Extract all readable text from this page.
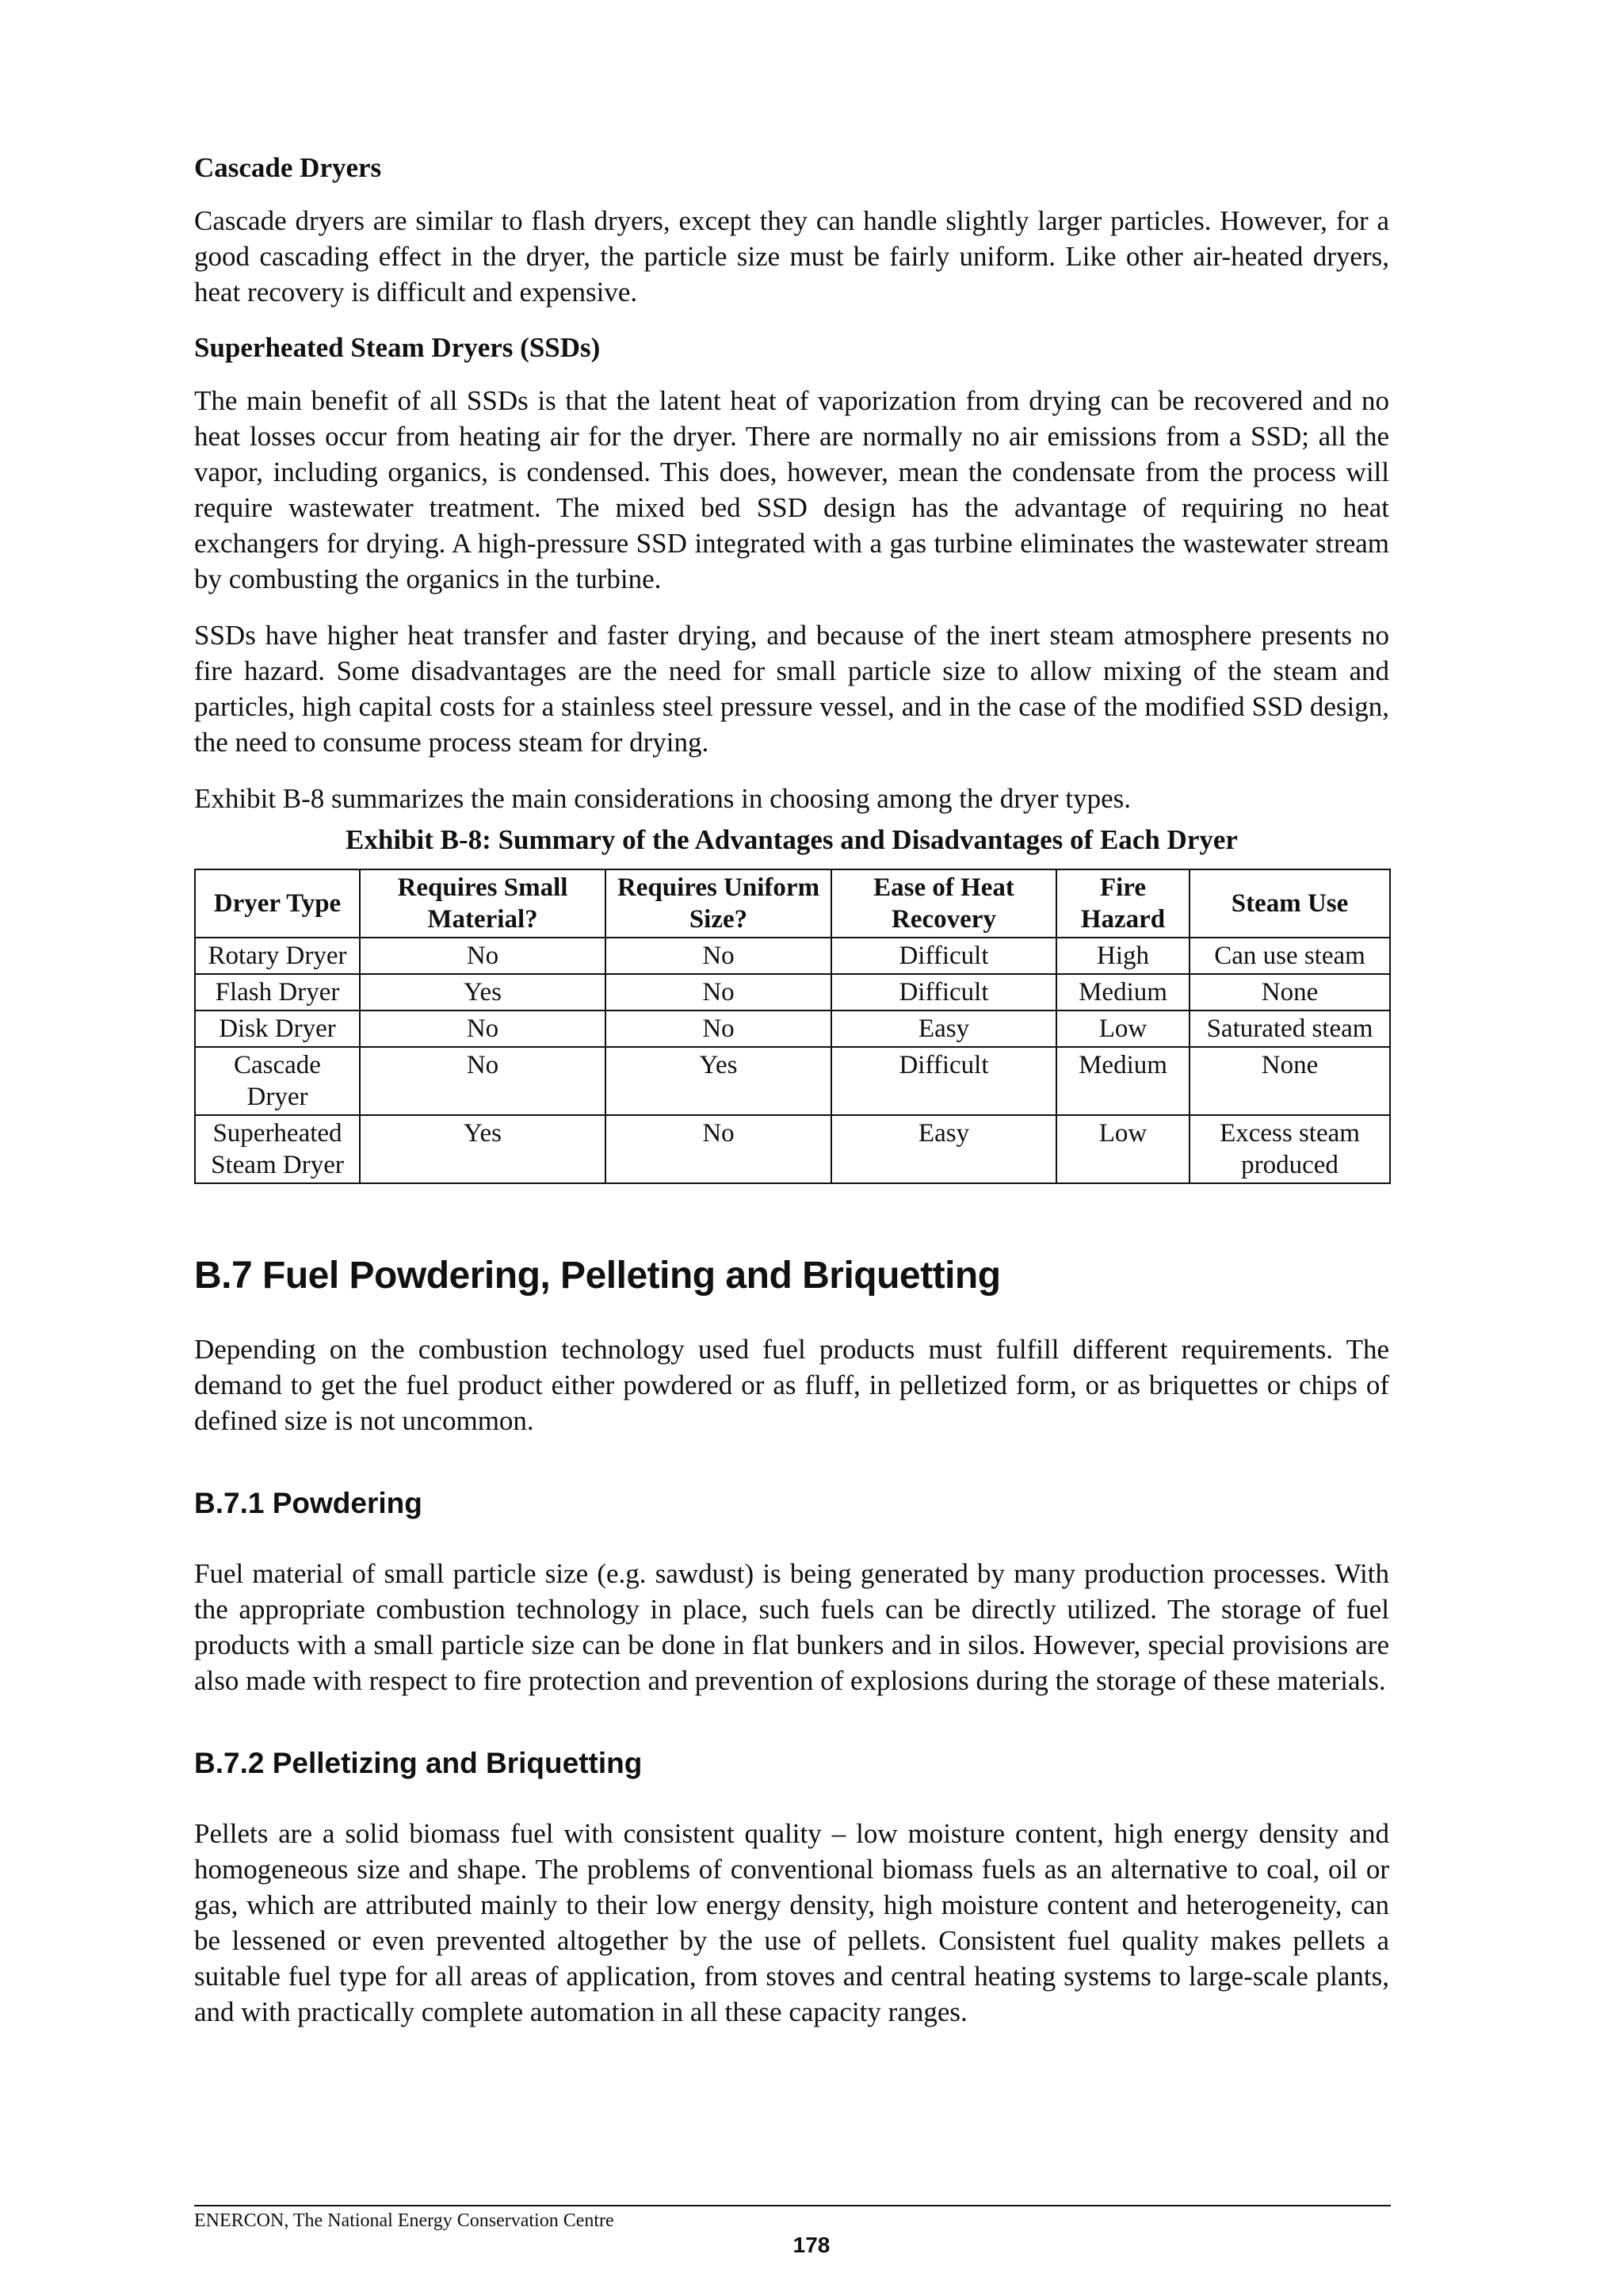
Cascade Dryers

Cascade dryers are similar to flash dryers, except they can handle slightly larger particles. However, for a good cascading effect in the dryer, the particle size must be fairly uniform. Like other air-heated dryers, heat recovery is difficult and expensive.

Superheated Steam Dryers (SSDs)

The main benefit of all SSDs is that the latent heat of vaporization from drying can be recovered and no heat losses occur from heating air for the dryer. There are normally no air emissions from a SSD; all the vapor, including organics, is condensed. This does, however, mean the condensate from the process will require wastewater treatment. The mixed bed SSD design has the advantage of requiring no heat exchangers for drying. A high-pressure SSD integrated with a gas turbine eliminates the wastewater stream by combusting the organics in the turbine.

SSDs have higher heat transfer and faster drying, and because of the inert steam atmosphere presents no fire hazard. Some disadvantages are the need for small particle size to allow mixing of the steam and particles, high capital costs for a stainless steel pressure vessel, and in the case of the modified SSD design, the need to consume process steam for drying.

Exhibit B-8 summarizes the main considerations in choosing among the dryer types.

Exhibit B-8: Summary of the Advantages and Disadvantages of Each Dryer
Dryer Type	Requires Small Material?	Requires Uniform Size?	Ease of Heat Recovery	Fire Hazard	Steam Use
Rotary Dryer	No	No	Difficult	High	Can use steam
Flash Dryer	Yes	No	Difficult	Medium	None
Disk Dryer	No	No	Easy	Low	Saturated steam
Cascade Dryer	No	Yes	Difficult	Medium	None
Superheated Steam Dryer	Yes	No	Easy	Low	Excess steam produced
B.7 Fuel Powdering, Pelleting and Briquetting

Depending on the combustion technology used fuel products must fulfill different requirements. The demand to get the fuel product either powdered or as fluff, in pelletized form, or as briquettes or chips of defined size is not uncommon.

B.7.1 Powdering

Fuel material of small particle size (e.g. sawdust) is being generated by many production processes. With the appropriate combustion technology in place, such fuels can be directly utilized. The storage of fuel products with a small particle size can be done in flat bunkers and in silos. However, special provisions are also made with respect to fire protection and prevention of explosions during the storage of these materials.

B.7.2 Pelletizing and Briquetting

Pellets are a solid biomass fuel with consistent quality – low moisture content, high energy density and homogeneous size and shape. The problems of conventional biomass fuels as an alternative to coal, oil or gas, which are attributed mainly to their low energy density, high moisture content and heterogeneity, can be lessened or even prevented altogether by the use of pellets. Consistent fuel quality makes pellets a suitable fuel type for all areas of application, from stoves and central heating systems to large-scale plants, and with practically complete automation in all these capacity ranges.

ENERCON, The National Energy Conservation Centre
178
